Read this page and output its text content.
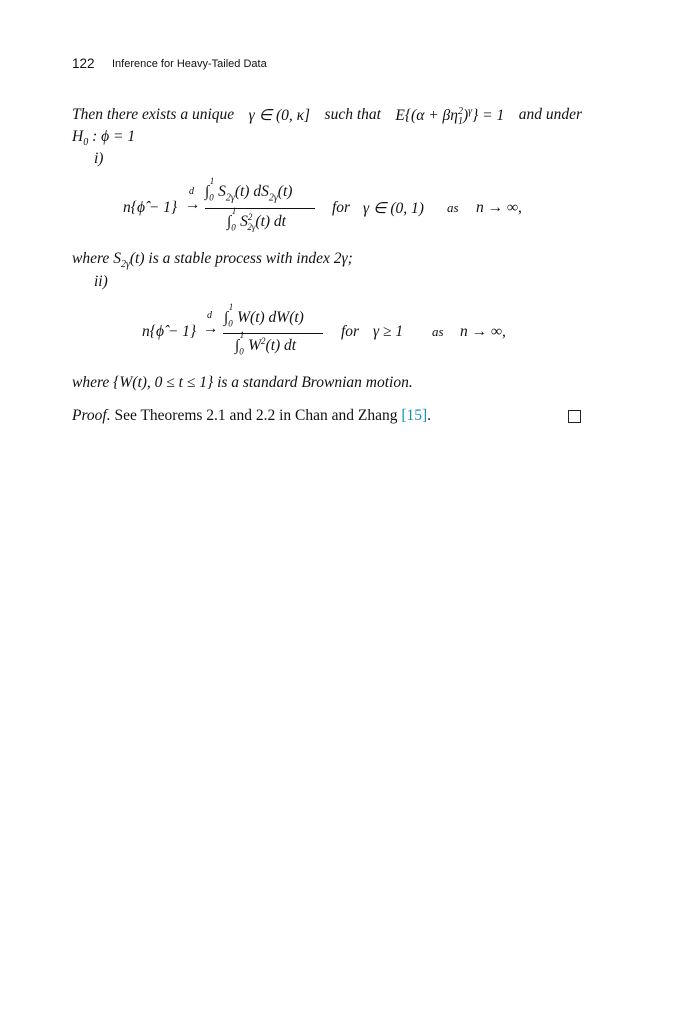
122 Inference for Heavy-Tailed Data
Then there exists a unique γ ∈ (0, κ] such that $E\{(\alpha + \beta\eta^2_1)^\gamma\} = 1$ and under
$H_0$ : ϕ = 1
i)
n{ϕ̂ − 1}
d
→
$\int_0^1$ $S_{2\gamma}(t)$ $dS_{2\gamma}(t)$
$\int_0^1$ $S^2_{2\gamma}(t)$ dt
for γ ∈ (0, 1) as n → ∞,
where $S_{2\gamma}(t)$ is a stable process with index 2γ;
ii)
n{ϕ̂ − 1}
d
→
$\int_0^1$ W(t) dW(t)
$\int_0^1$ $W^2(t)$ dt
for γ ≥ 1 as n → ∞,
where {W(t), 0 ≤ t ≤ 1} is a standard Brownian motion.
Proof. See Theorems 2.1 and 2.2 in Chan and Zhang [15].
